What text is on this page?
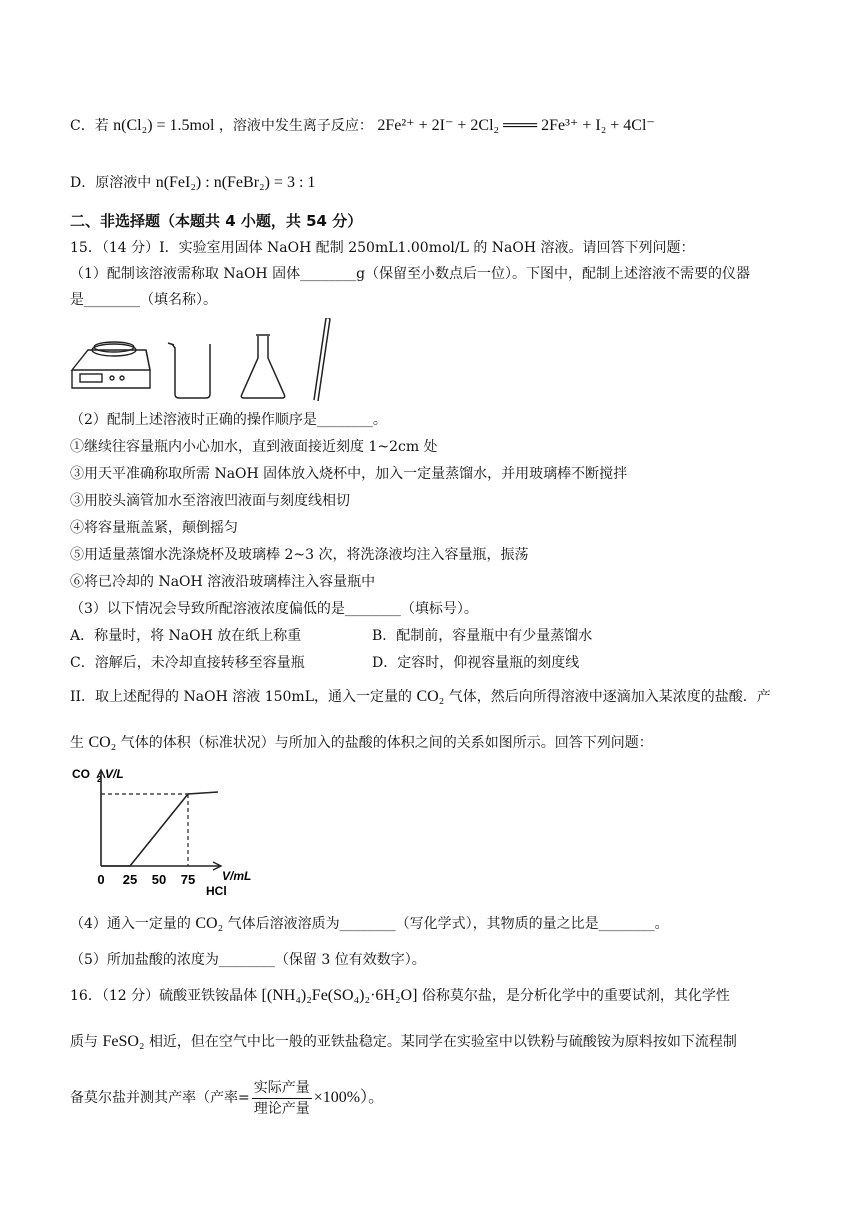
C．若 n(Cl₂) = 1.5mol ，溶液中发生离子反应： 2Fe²⁺ + 2I⁻ + 2Cl₂ ═══ 2Fe³⁺ + I₂ + 4Cl⁻
D．原溶液中 n(FeI₂) : n(FeBr₂) = 3 : 1
二、非选择题（本题共 4 小题，共 54 分）
15．（14 分）I．实验室用固体 NaOH 配制 250mL1.00mol/L 的 NaOH 溶液。请回答下列问题：
（1）配制该溶液需称取 NaOH 固体________g（保留至小数点后一位）。下图中，配制上述溶液不需要的仪器
是________（填名称）。
（2）配制上述溶液时正确的操作顺序是________。
①继续往容量瓶内小心加水，直到液面接近刻度 1~2cm 处
③用天平准确称取所需 NaOH 固体放入烧杯中，加入一定量蒸馏水，并用玻璃棒不断搅拌
③用胶头滴管加水至溶液凹液面与刻度线相切
④将容量瓶盖紧，颠倒摇匀
⑤用适量蒸馏水洗涤烧杯及玻璃棒 2~3 次，将洗涤液均注入容量瓶，振荡
⑥将已冷却的 NaOH 溶液沿玻璃棒注入容量瓶中
（3）以下情况会导致所配溶液浓度偏低的是________（填标号）。
A．称量时，将 NaOH 放在纸上称重	B．配制前，容量瓶中有少量蒸馏水
C．溶解后，未冷却直接转移至容量瓶	D．定容时，仰视容量瓶的刻度线
II．取上述配得的 NaOH 溶液 150mL，通入一定量的 CO₂ 气体，然后向所得溶液中逐滴加入某浓度的盐酸．产
生 CO₂ 气体的体积（标准状况）与所加入的盐酸的体积之间的关系如图所示。回答下列问题：
CO 2 V/L
0 25 50 75 V/mL
HCl
（4）通入一定量的 CO₂ 气体后溶液溶质为________（写化学式），其物质的量之比是________。
（5）所加盐酸的浓度为________（保留 3 位有效数字）。
16．（12 分）硫酸亚铁铵晶体 [(NH₄)₂Fe(SO₄)₂·6H₂O] 俗称莫尔盐，是分析化学中的重要试剂，其化学性
质与 FeSO₂ 相近，但在空气中比一般的亚铁盐稳定。某同学在实验室中以铁粉与硫酸铵为原料按如下流程制
备莫尔盐并测其产率（产率= $\frac{\text{实际产量}}{\text{理论产量}} \times 100\%$）。
